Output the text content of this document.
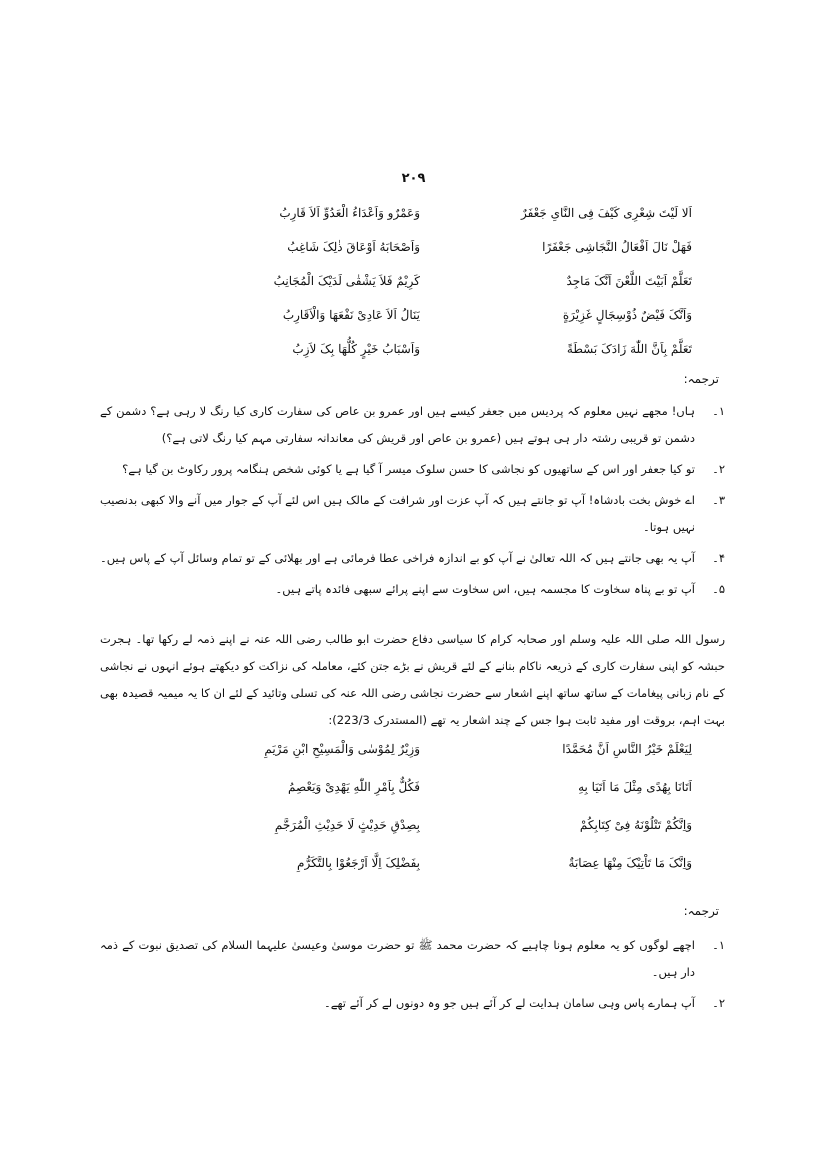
۲۰۹
اَلا لَیْتَ شِعْرِی کَیْفَ فِی النَّایِ جَعْفَرٌ
وَعَمْرٌو وَاَعْدَاءُ الْعَدُوِّ اَلاَ قَارِبُ
فَهَلْ نَالَ اَفْعَالُ النَّجَاشِی جَعْفَرًا
وَاَصْحَابَهُ اَوْعَاقَ ذٰلِکَ شَاغِبُ
تَعَلَّمْ اَبَیْتَ اللَّعْنَ اَنَّکَ مَاجِدٌ
کَرِیْمٌ فَلاَ یَشْقٰی لَدَیْکَ الْمُجَانِبُ
وَاَنَّکَ فَیْضٌ ذُوْسِجَالٍ غَزِیْرَةٍ
یَنَالُ اَلاَ عَادِیْ نَفْعَهَا وَالْاَقَارِبُ
تَعَلَّمْ بِاَنَّ اللّٰهَ زَادَکَ بَسْطَةً
وَاَسْبَابُ خَیْرٍ کُلُّهَا بِکَ لاَزِبُ
ترجمہ:
۱۔
ہاں! مجھے نہیں معلوم کہ پردیس میں جعفر کیسے ہیں اور عمرو بن عاص کی سفارت کاری کیا رنگ لا رہی ہے؟ دشمن کے دشمن تو قریبی رشتہ دار ہی ہوتے ہیں (عمرو بن عاص اور قریش کی معاندانہ سفارتی مہم کیا رنگ لاتی ہے؟)
۲۔
تو کیا جعفر اور اس کے ساتھیوں کو نجاشی کا حسن سلوک میسر آ گیا ہے یا کوئی شخص ہنگامہ پرور رکاوٹ بن گیا ہے؟
۳۔
اے خوش بخت بادشاہ! آپ تو جانتے ہیں کہ آپ عزت اور شرافت کے مالک ہیں اس لئے آپ کے جوار میں آنے والا کبھی بدنصیب نہیں ہوتا۔
۴۔
آپ یہ بھی جانتے ہیں کہ اللہ تعالیٰ نے آپ کو بے اندازہ فراخی عطا فرمائی ہے اور بھلائی کے تو تمام وسائل آپ کے پاس ہیں۔
۵۔
آپ تو بے پناہ سخاوت کا مجسمہ ہیں، اس سخاوت سے اپنے پرائے سبھی فائدہ پاتے ہیں۔
رسول اللہ صلی اللہ علیہ وسلم اور صحابہ کرام کا سیاسی دفاع حضرت ابو طالب رضی اللہ عنہ نے اپنے ذمہ لے رکھا تھا۔ ہجرت حبشہ کو اپنی سفارت کاری کے ذریعہ ناکام بنانے کے لئے قریش نے بڑے جتن کئے، معاملہ کی نزاکت کو دیکھتے ہوئے انہوں نے نجاشی کے نام زبانی پیغامات کے ساتھ ساتھ اپنے اشعار سے حضرت نجاشی رضی اللہ عنہ کی تسلی وتائید کے لئے ان کا یہ میمیہ قصیدہ بھی بہت اہم، بروقت اور مفید ثابت ہوا جس کے چند اشعار یہ تھے (المستدرک 223/3):
لِیَعْلَمْ خَیْرُ النَّاسِ اَنَّ مُحَمَّدًا
وَزِیْرٌ لِمُوْسٰی وَالْمَسِیْحِ ابْنِ مَرْیَمِ
اَتَانَا بِهُدًی مِثْلَ مَا اَتَیَا بِهِ
فَکُلٌّ بِاَمْرِ اللّٰهِ یَهْدِیْ وَیَعْصِمُ
وَاِنَّکُمْ تَتْلُوْنَهُ فِیْ کِتَابِکُمْ
بِصِدْقِ حَدِیْثٍ لَا حَدِیْثِ الْمُرَجَّمِ
وَاِنَّکَ مَا تَاْتِیْکَ مِنْهَا عِصَابَةٌ
بِفَضْلِکَ اِلَّا اَرْجَعُوْا بِالتَّکَرُّمِ
ترجمہ:
۱۔
اچھے لوگوں کو یہ معلوم ہونا چاہیے کہ حضرت محمد ﷺ تو حضرت موسیٰ وعیسیٰ علیہما السلام کی تصدیق نبوت کے ذمہ دار ہیں۔
۲۔
آپ ہمارے پاس وہی سامان ہدایت لے کر آئے ہیں جو وہ دونوں لے کر آئے تھے۔
